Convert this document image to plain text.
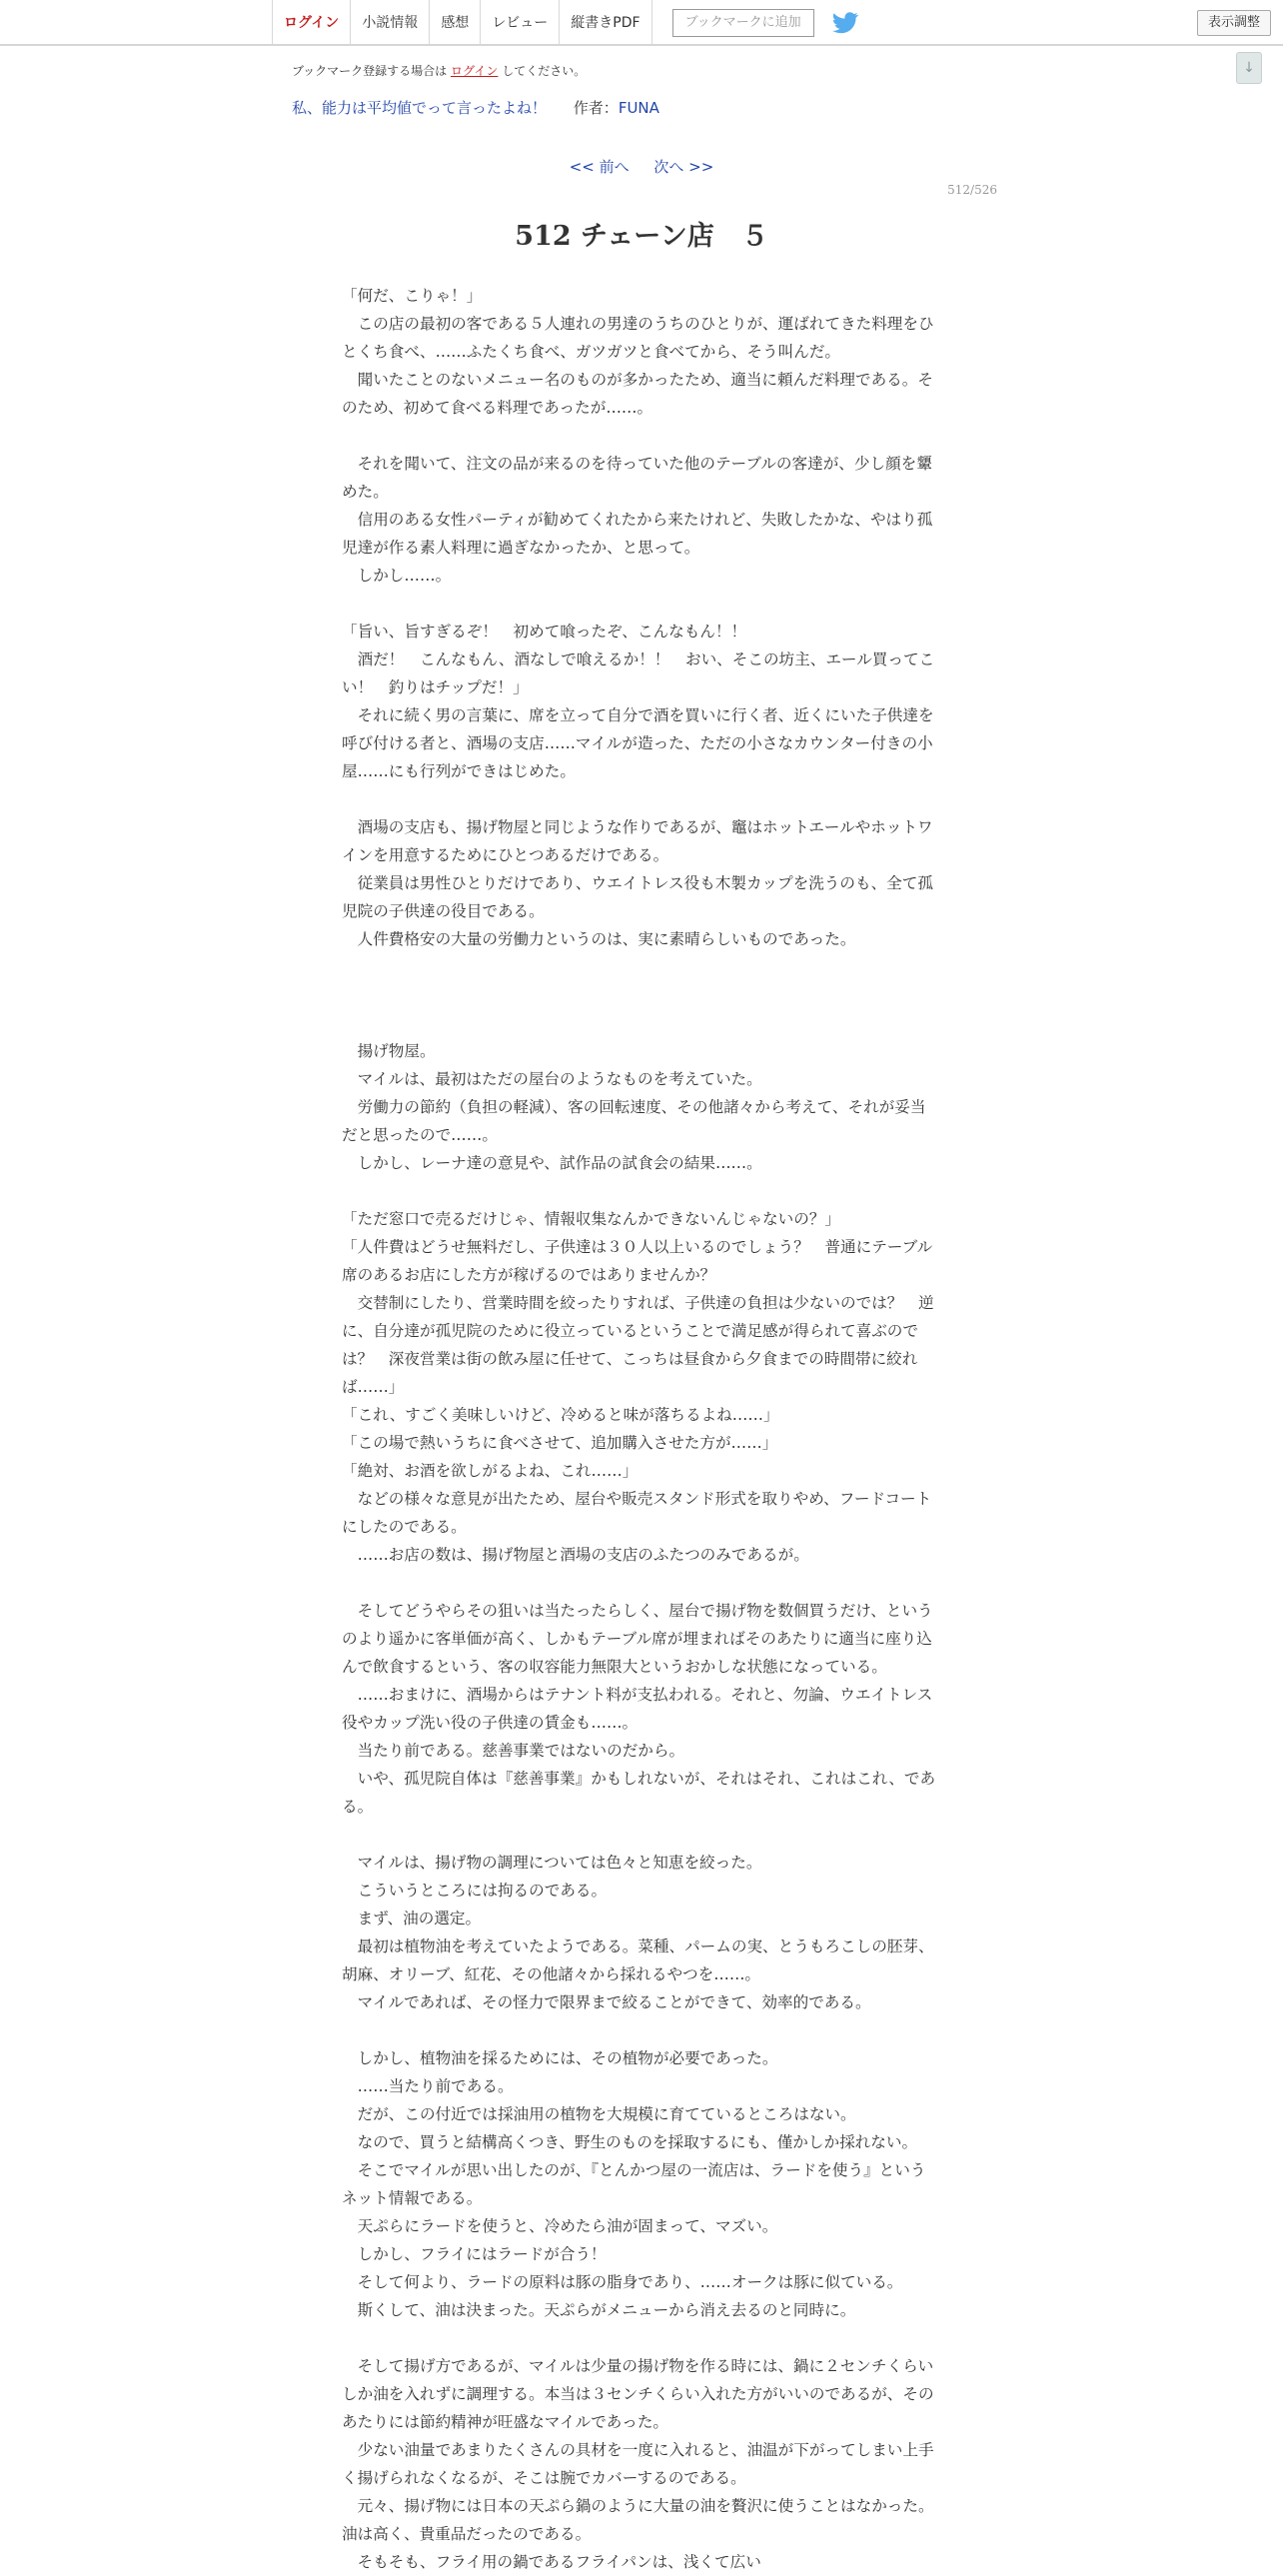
ログイン	小説情報	感想	レビュー	縦書きPDF	ブックマークに追加	表示調整
↓
ブックマーク登録する場合は ログイン してください。
私、能力は平均値でって言ったよね！ 作者：FUNA
<< 前へ 次へ >>
512/526
512 チェーン店　５

「何だ、こりゃ！」

　この店の最初の客である５人連れの男達のうちのひとりが、運ばれてきた料理をひとくち食べ、……ふたくち食べ、ガツガツと食べてから、そう叫んだ。

　聞いたことのないメニュー名のものが多かったため、適当に頼んだ料理である。そのため、初めて食べる料理であったが……。

　それを聞いて、注文の品が来るのを待っていた他のテーブルの客達が、少し顔を顰めた。

　信用のある女性パーティが勧めてくれたから来たけれど、失敗したかな、やはり孤児達が作る素人料理に過ぎなかったか、と思って。

　しかし……。

「旨い、旨すぎるぞ！　初めて喰ったぞ、こんなもん！！

　酒だ！　こんなもん、酒なしで喰えるか！！　おい、そこの坊主、エール買ってこい！　釣りはチップだ！」

　それに続く男の言葉に、席を立って自分で酒を買いに行く者、近くにいた子供達を呼び付ける者と、酒場の支店……マイルが造った、ただの小さなカウンター付きの小屋……にも行列ができはじめた。

　酒場の支店も、揚げ物屋と同じような作りであるが、竈はホットエールやホットワインを用意するためにひとつあるだけである。

　従業員は男性ひとりだけであり、ウエイトレス役も木製カップを洗うのも、全て孤児院の子供達の役目である。

　人件費格安の大量の労働力というのは、実に素晴らしいものであった。

　揚げ物屋。

　マイルは、最初はただの屋台のようなものを考えていた。

　労働力の節約（負担の軽減）、客の回転速度、その他諸々から考えて、それが妥当だと思ったので……。

　しかし、レーナ達の意見や、試作品の試食会の結果……。

「ただ窓口で売るだけじゃ、情報収集なんかできないんじゃないの？」

「人件費はどうせ無料だし、子供達は３０人以上いるのでしょう？　普通にテーブル席のあるお店にした方が稼げるのではありませんか？

　交替制にしたり、営業時間を絞ったりすれば、子供達の負担は少ないのでは？　逆に、自分達が孤児院のために役立っているということで満足感が得られて喜ぶのでは？　深夜営業は街の飲み屋に任せて、こっちは昼食から夕食までの時間帯に絞れば……」

「これ、すごく美味しいけど、冷めると味が落ちるよね……」

「この場で熱いうちに食べさせて、追加購入させた方が……」

「絶対、お酒を欲しがるよね、これ……」

　などの様々な意見が出たため、屋台や販売スタンド形式を取りやめ、フードコートにしたのである。

　……お店の数は、揚げ物屋と酒場の支店のふたつのみであるが。

　そしてどうやらその狙いは当たったらしく、屋台で揚げ物を数個買うだけ、というのより遥かに客単価が高く、しかもテーブル席が埋まればそのあたりに適当に座り込んで飲食するという、客の収容能力無限大というおかしな状態になっている。

　……おまけに、酒場からはテナント料が支払われる。それと、勿論、ウエイトレス役やカップ洗い役の子供達の賃金も……。

　当たり前である。慈善事業ではないのだから。

　いや、孤児院自体は『慈善事業』かもしれないが、それはそれ、これはこれ、である。

　マイルは、揚げ物の調理については色々と知恵を絞った。

　こういうところには拘るのである。

　まず、油の選定。

　最初は植物油を考えていたようである。菜種、パームの実、とうもろこしの胚芽、胡麻、オリーブ、紅花、その他諸々から採れるやつを……。

　マイルであれば、その怪力で限界まで絞ることができて、効率的である。

　しかし、植物油を採るためには、その植物が必要であった。

　……当たり前である。

　だが、この付近では採油用の植物を大規模に育てているところはない。

　なので、買うと結構高くつき、野生のものを採取するにも、僅かしか採れない。

　そこでマイルが思い出したのが、『とんかつ屋の一流店は、ラードを使う』というネット情報である。

　天ぷらにラードを使うと、冷めたら油が固まって、マズい。

　しかし、フライにはラードが合う！

　そして何より、ラードの原料は豚の脂身であり、……オークは豚に似ている。

　斯くして、油は決まった。天ぷらがメニューから消え去るのと同時に。

　そして揚げ方であるが、マイルは少量の揚げ物を作る時には、鍋に２センチくらいしか油を入れずに調理する。本当は３センチくらい入れた方がいいのであるが、そのあたりには節約精神が旺盛なマイルであった。

　少ない油量であまりたくさんの具材を一度に入れると、油温が下がってしまい上手く揚げられなくなるが、そこは腕でカバーするのである。

　元々、揚げ物には日本の天ぷら鍋のように大量の油を贅沢に使うことはなかった。油は高く、貴重品だったのである。

　そもそも、フライ用の鍋であるフライパンは、浅くて広い
